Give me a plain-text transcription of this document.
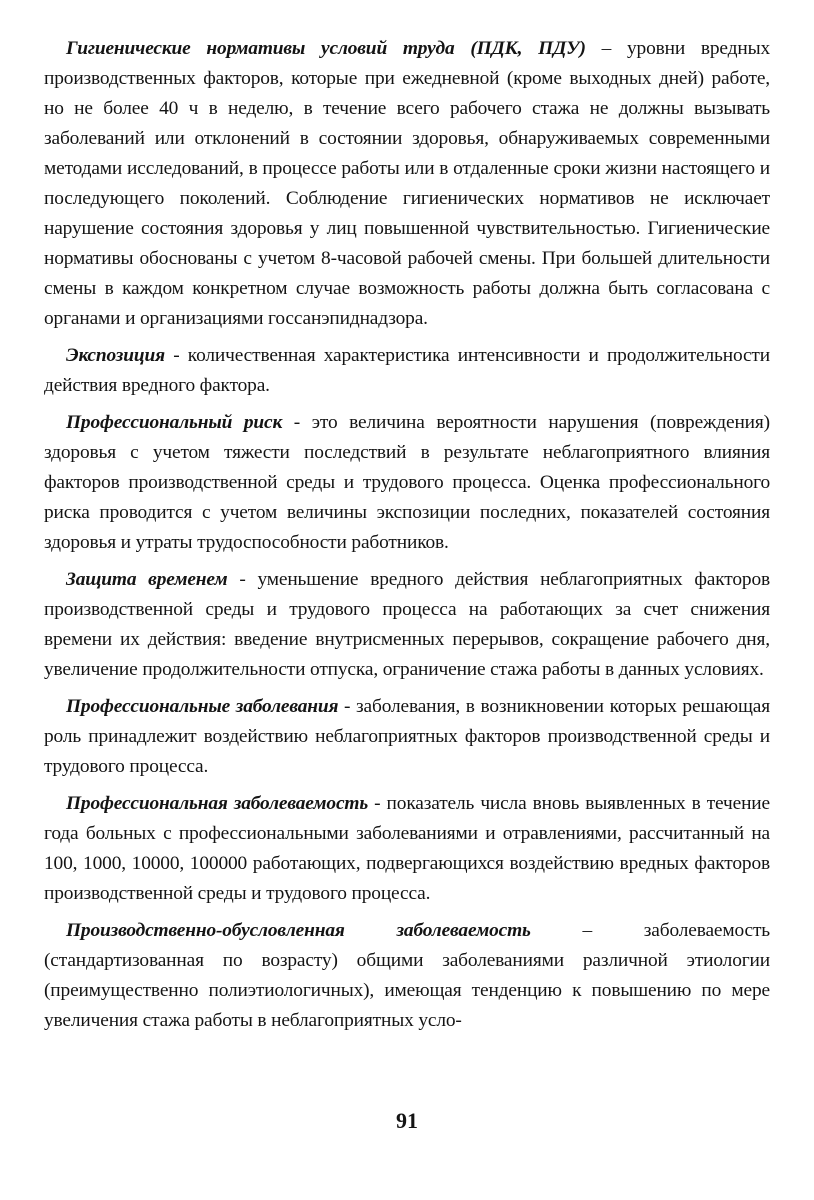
Гигиенические нормативы условий труда (ПДК, ПДУ) – уровни вредных производственных факторов, которые при ежедневной (кроме выходных дней) работе, но не более 40 ч в неделю, в течение всего рабочего стажа не должны вызывать заболеваний или отклонений в состоянии здоровья, обнаруживаемых современными методами исследований, в процессе работы или в отдаленные сроки жизни настоящего и последующего поколений. Соблюдение гигиенических нормативов не исключает нарушение состояния здоровья у лиц повышенной чувствительностью. Гигиенические нормативы обоснованы с учетом 8-часовой рабочей смены. При большей длительности смены в каждом конкретном случае возможность работы должна быть согласована с органами и организациями госсанэпиднадзора.

Экспозиция - количественная характеристика интенсивности и продолжительности действия вредного фактора.

Профессиональный риск - это величина вероятности нарушения (повреждения) здоровья с учетом тяжести последствий в результате неблагоприятного влияния факторов производственной среды и трудового процесса. Оценка профессионального риска проводится с учетом величины экспозиции последних, показателей состояния здоровья и утраты трудоспособности работников.

Защита временем - уменьшение вредного действия неблагоприятных факторов производственной среды и трудового процесса на работающих за счет снижения времени их действия: введение внутрисменных перерывов, сокращение рабочего дня, увеличение продолжительности отпуска, ограничение стажа работы в данных условиях.

Профессиональные заболевания - заболевания, в возникновении которых решающая роль принадлежит воздействию неблагоприятных факторов производственной среды и трудового процесса.

Профессиональная заболеваемость - показатель числа вновь выявленных в течение года больных с профессиональными заболеваниями и отравлениями, рассчитанный на 100, 1000, 10000, 100000 работающих, подвергающихся воздействию вредных факторов производственной среды и трудового процесса.

Производственно-обусловленная заболеваемость – заболеваемость (стандартизованная по возрасту) общими заболеваниями различной этиологии (преимущественно полиэтиологичных), имеющая тенденцию к повышению по мере увеличения стажа работы в неблагоприятных усло-

91
